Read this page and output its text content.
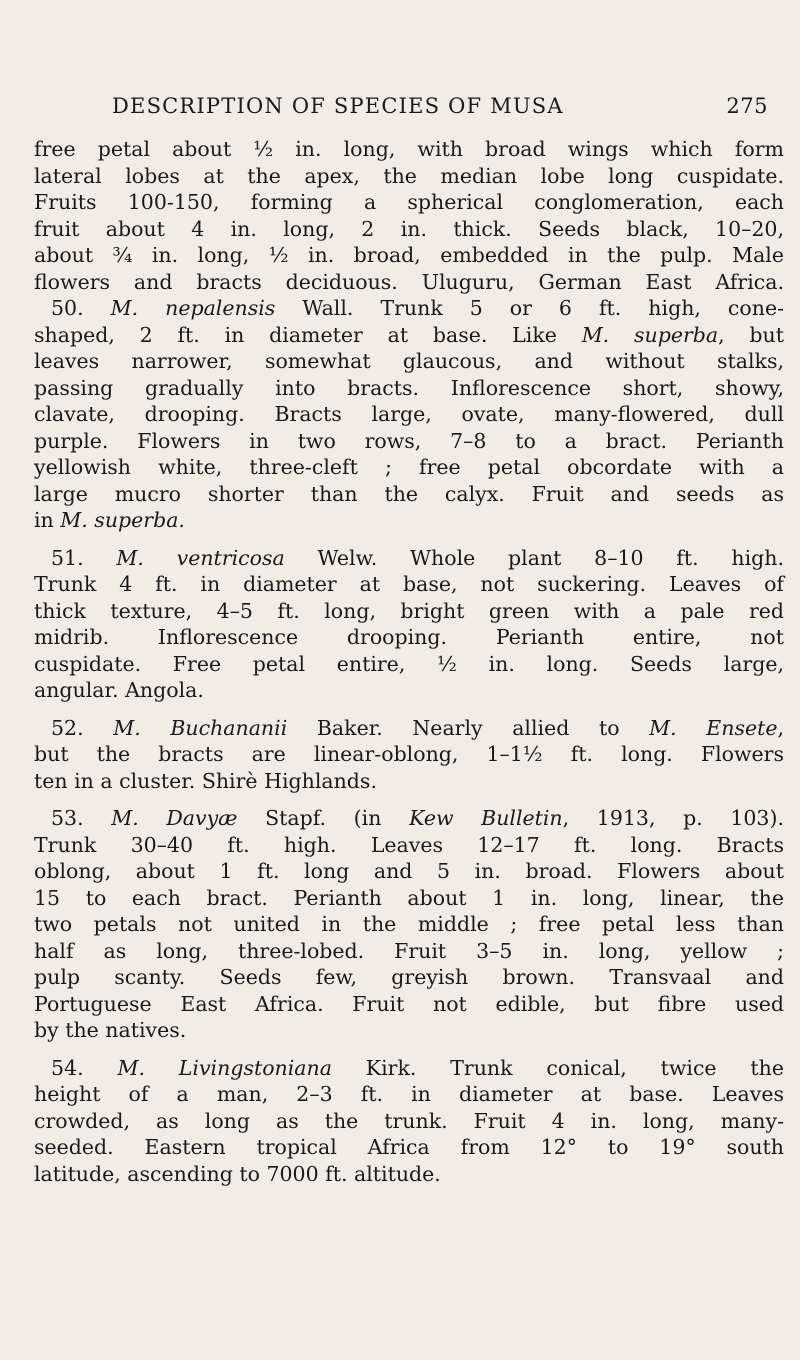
DESCRIPTION OF SPECIES OF MUSA	275
free petal about ½ in. long, with broad wings which form
lateral lobes at the apex, the median lobe long cuspidate.
Fruits 100-150, forming a spherical conglomeration, each
fruit about 4 in. long, 2 in. thick. Seeds black, 10–20,
about ¾ in. long, ½ in. broad, embedded in the pulp. Male
flowers and bracts deciduous. Uluguru, German East Africa.
50. M. nepalensis Wall. Trunk 5 or 6 ft. high, cone-
shaped, 2 ft. in diameter at base. Like M. superba, but
leaves narrower, somewhat glaucous, and without stalks,
passing gradually into bracts. Inflorescence short, showy,
clavate, drooping. Bracts large, ovate, many-flowered, dull
purple. Flowers in two rows, 7–8 to a bract. Perianth
yellowish white, three-cleft ; free petal obcordate with a
large mucro shorter than the calyx. Fruit and seeds as
in M. superba.
51. M. ventricosa Welw. Whole plant 8–10 ft. high.
Trunk 4 ft. in diameter at base, not suckering. Leaves of
thick texture, 4–5 ft. long, bright green with a pale red
midrib. Inflorescence drooping. Perianth entire, not
cuspidate. Free petal entire, ½ in. long. Seeds large,
angular. Angola.
52. M. Buchananii Baker. Nearly allied to M. Ensete,
but the bracts are linear-oblong, 1–1½ ft. long. Flowers
ten in a cluster. Shirè Highlands.
53. M. Davyæ Stapf. (in Kew Bulletin, 1913, p. 103).
Trunk 30–40 ft. high. Leaves 12–17 ft. long. Bracts
oblong, about 1 ft. long and 5 in. broad. Flowers about
15 to each bract. Perianth about 1 in. long, linear, the
two petals not united in the middle ; free petal less than
half as long, three-lobed. Fruit 3–5 in. long, yellow ;
pulp scanty. Seeds few, greyish brown. Transvaal and
Portuguese East Africa. Fruit not edible, but fibre used
by the natives.
54. M. Livingstoniana Kirk. Trunk conical, twice the
height of a man, 2–3 ft. in diameter at base. Leaves
crowded, as long as the trunk. Fruit 4 in. long, many-
seeded. Eastern tropical Africa from 12° to 19° south
latitude, ascending to 7000 ft. altitude.
